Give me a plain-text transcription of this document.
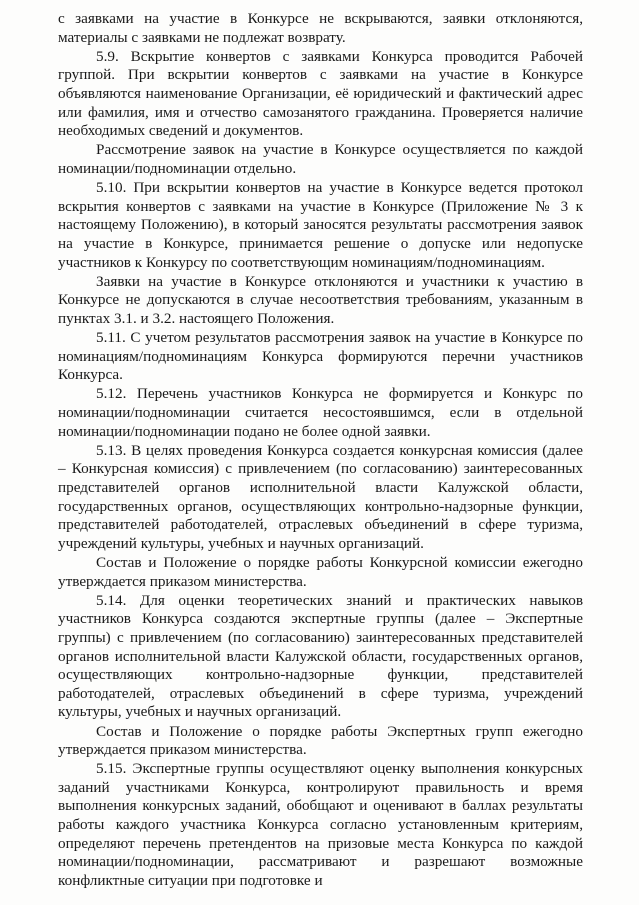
с заявками на участие в Конкурсе не вскрываются, заявки отклоняются, материалы с заявками не подлежат возврату.

5.9. Вскрытие конвертов с заявками Конкурса проводится Рабочей группой. При вскрытии конвертов с заявками на участие в Конкурсе объявляются наименование Организации, её юридический и фактический адрес или фамилия, имя и отчество самозанятого гражданина. Проверяется наличие необходимых сведений и документов.

Рассмотрение заявок на участие в Конкурсе осуществляется по каждой номинации/подноминации отдельно.

5.10. При вскрытии конвертов на участие в Конкурсе ведется протокол вскрытия конвертов с заявками на участие в Конкурсе (Приложение № 3 к настоящему Положению), в который заносятся результаты рассмотрения заявок на участие в Конкурсе, принимается решение о допуске или недопуске участников к Конкурсу по соответствующим номинациям/подноминациям.

Заявки на участие в Конкурсе отклоняются и участники к участию в Конкурсе не допускаются в случае несоответствия требованиям, указанным в пунктах 3.1. и 3.2. настоящего Положения.

5.11. С учетом результатов рассмотрения заявок на участие в Конкурсе по номинациям/подноминациям Конкурса формируются перечни участников Конкурса.

5.12. Перечень участников Конкурса не формируется и Конкурс по номинации/подноминации считается несостоявшимся, если в отдельной номинации/подноминации подано не более одной заявки.

5.13. В целях проведения Конкурса создается конкурсная комиссия (далее – Конкурсная комиссия) с привлечением (по согласованию) заинтересованных представителей органов исполнительной власти Калужской области, государственных органов, осуществляющих контрольно-надзорные функции, представителей работодателей, отраслевых объединений в сфере туризма, учреждений культуры, учебных и научных организаций.

Состав и Положение о порядке работы Конкурсной комиссии ежегодно утверждается приказом министерства.

5.14. Для оценки теоретических знаний и практических навыков участников Конкурса создаются экспертные группы (далее – Экспертные группы) с привлечением (по согласованию) заинтересованных представителей органов исполнительной власти Калужской области, государственных органов, осуществляющих контрольно-надзорные функции, представителей работодателей, отраслевых объединений в сфере туризма, учреждений культуры, учебных и научных организаций.

Состав и Положение о порядке работы Экспертных групп ежегодно утверждается приказом министерства.

5.15. Экспертные группы осуществляют оценку выполнения конкурсных заданий участниками Конкурса, контролируют правильность и время выполнения конкурсных заданий, обобщают и оценивают в баллах результаты работы каждого участника Конкурса согласно установленным критериям, определяют перечень претендентов на призовые места Конкурса по каждой номинации/подноминации, рассматривают и разрешают возможные конфликтные ситуации при подготовке и
